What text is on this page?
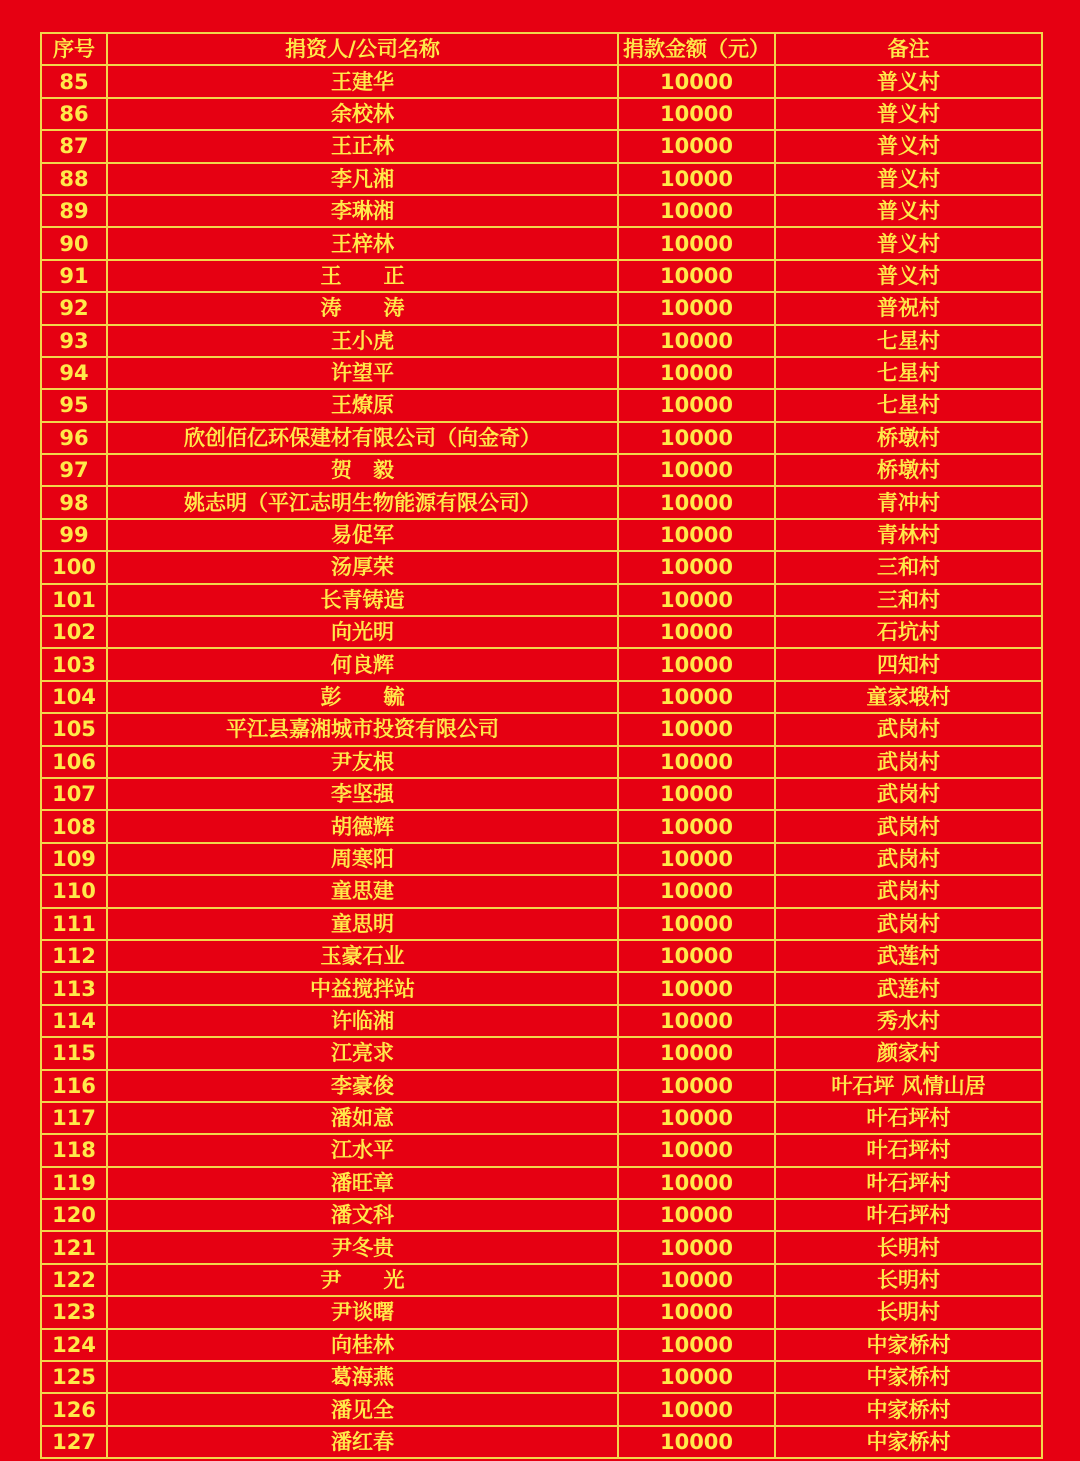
序号	捐资人/公司名称	捐款金额（元）	备注
85	王建华	10000	普义村
86	余校林	10000	普义村
87	王正林	10000	普义村
88	李凡湘	10000	普义村
89	李琳湘	10000	普义村
90	王梓林	10000	普义村
91	王　　正	10000	普义村
92	涛　　涛	10000	普祝村
93	王小虎	10000	七星村
94	许望平	10000	七星村
95	王燎原	10000	七星村
96	欣创佰亿环保建材有限公司（向金奇）	10000	桥墩村
97	贺　毅	10000	桥墩村
98	姚志明（平江志明生物能源有限公司）	10000	青冲村
99	易促军	10000	青林村
100	汤厚荣	10000	三和村
101	长青铸造	10000	三和村
102	向光明	10000	石坑村
103	何良辉	10000	四知村
104	彭　　毓	10000	童家塅村
105	平江县嘉湘城市投资有限公司	10000	武岗村
106	尹友根	10000	武岗村
107	李坚强	10000	武岗村
108	胡德辉	10000	武岗村
109	周寒阳	10000	武岗村
110	童思建	10000	武岗村
111	童思明	10000	武岗村
112	玉豪石业	10000	武莲村
113	中益搅拌站	10000	武莲村
114	许临湘	10000	秀水村
115	江亮求	10000	颜家村
116	李豪俊	10000	叶石坪 风情山居
117	潘如意	10000	叶石坪村
118	江水平	10000	叶石坪村
119	潘旺章	10000	叶石坪村
120	潘文科	10000	叶石坪村
121	尹冬贵	10000	长明村
122	尹　　光	10000	长明村
123	尹谈曙	10000	长明村
124	向桂林	10000	中家桥村
125	葛海燕	10000	中家桥村
126	潘见全	10000	中家桥村
127	潘红春	10000	中家桥村
